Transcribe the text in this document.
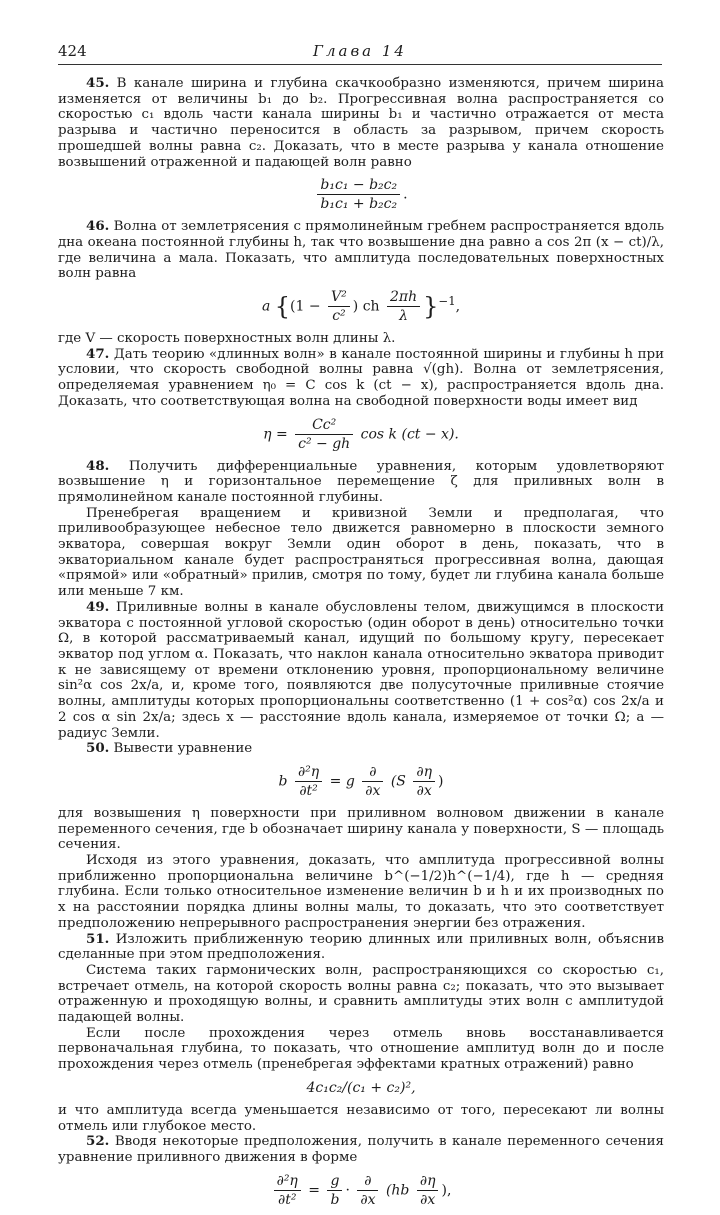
424	Глава 14

45. В канале ширина и глубина скачкообразно изменяются, причем ширина изменяется от величины b₁ до b₂. Прогрессивная волна распространяется со скоростью c₁ вдоль части канала ширины b₁ и частично отражается от места разрыва и частично переносится в область за разрывом, причем скорость прошедшей волны равна c₂. Доказать, что в месте разрыва у канала отношение возвышений отраженной и падающей волн равно

$\frac{\text{b₁c₁ − b₂c₂}}{\text{b₁c₁ + b₂c₂}}$ .

46. Волна от землетрясения с прямолинейным гребнем распространяется вдоль дна океана постоянной глубины h, так что возвышение дна равно a cos 2π (x − ct)/λ, где величина a мала. Показать, что амплитуда последовательных поверхностных волн равна

a {($1 - \frac{\text{V²}}{\text{c²}}$ ) ch $\frac{2\pi h}{\lambda} \}^{-1}$,

где V — скорость поверхностных волн длины λ.

47. Дать теорию «длинных волн» в канале постоянной ширины и глубины h при условии, что скорость свободной волны равна √(gh). Волна от землетрясения, определяемая уравнением η₀ = C cos k (ct − x), распространяется вдоль дна. Доказать, что соответствующая волна на свободной поверхности воды имеет вид

$\eta = \frac{\text{Cc²}}{\text{c² − gh}}$ cos k (ct − x).

48. Получить дифференциальные уравнения, которым удовлетворяют возвышение η и горизонтальное перемещение ζ для приливных волн в прямолинейном канале постоянной глубины.

Пренебрегая вращением и кривизной Земли и предполагая, что приливообразующее небесное тело движется равномерно в плоскости земного экватора, совершая вокруг Земли один оборот в день, показать, что в экваториальном канале будет распространяться прогрессивная волна, дающая «прямой» или «обратный» прилив, смотря по тому, будет ли глубина канала больше или меньше 7 км.

49. Приливные волны в канале обусловлены телом, движущимся в плоскости экватора с постоянной угловой скоростью (один оборот в день) относительно точки Ω, в которой рассматриваемый канал, идущий по большому кругу, пересекает экватор под углом α. Показать, что наклон канала относительно экватора приводит к не зависящему от времени отклонению уровня, пропорциональному величине sin²α cos 2x/a, и, кроме того, появляются две полусуточные приливные стоячие волны, амплитуды которых пропорциональны соответственно (1 + cos²α) cos 2x/a и 2 cos α sin 2x/a; здесь x — расстояние вдоль канала, измеряемое от точки Ω; a — радиус Земли.

50. Вывести уравнение

b $\frac{\text{∂²η}}{\text{∂t²}} = g \frac{\partial}{\partial x} (S \frac{\partial\eta}{\partial x}$ )

для возвышения η поверхности при приливном волновом движении в канале переменного сечения, где b обозначает ширину канала у поверхности, S — площадь сечения.

Исходя из этого уравнения, доказать, что амплитуда прогрессивной волны приближенно пропорциональна величине b^(−1/2)h^(−1/4), где h — средняя глубина. Если только относительное изменение величин b и h и их производных по x на расстоянии порядка длины волны малы, то доказать, что это соответствует предположению непрерывного распространения энергии без отражения.

51. Изложить приближенную теорию длинных или приливных волн, объяснив сделанные при этом предположения.

Система таких гармонических волн, распространяющихся со скоростью c₁, встречает отмель, на которой скорость волны равна c₂; показать, что это вызывает отраженную и проходящую волны, и сравнить амплитуды этих волн с амплитудой падающей волны.

Если после прохождения через отмель вновь восстанавливается первоначальная глубина, то показать, что отношение амплитуд волн до и после прохождения через отмель (пренебрегая эффектами кратных отражений) равно

4c₁c₂/(c₁ + c₂)²,

и что амплитуда всегда уменьшается независимо от того, пересекают ли волны отмель или глубокое место.

52. Вводя некоторые предположения, получить в канале переменного сечения уравнение приливного движения в форме

$\frac{\text{∂²η}}{\text{∂t²}} = \frac{g}{b} \cdot \frac{\partial}{\partial x} (hb \frac{\partial\eta}{\partial x}$ ),
